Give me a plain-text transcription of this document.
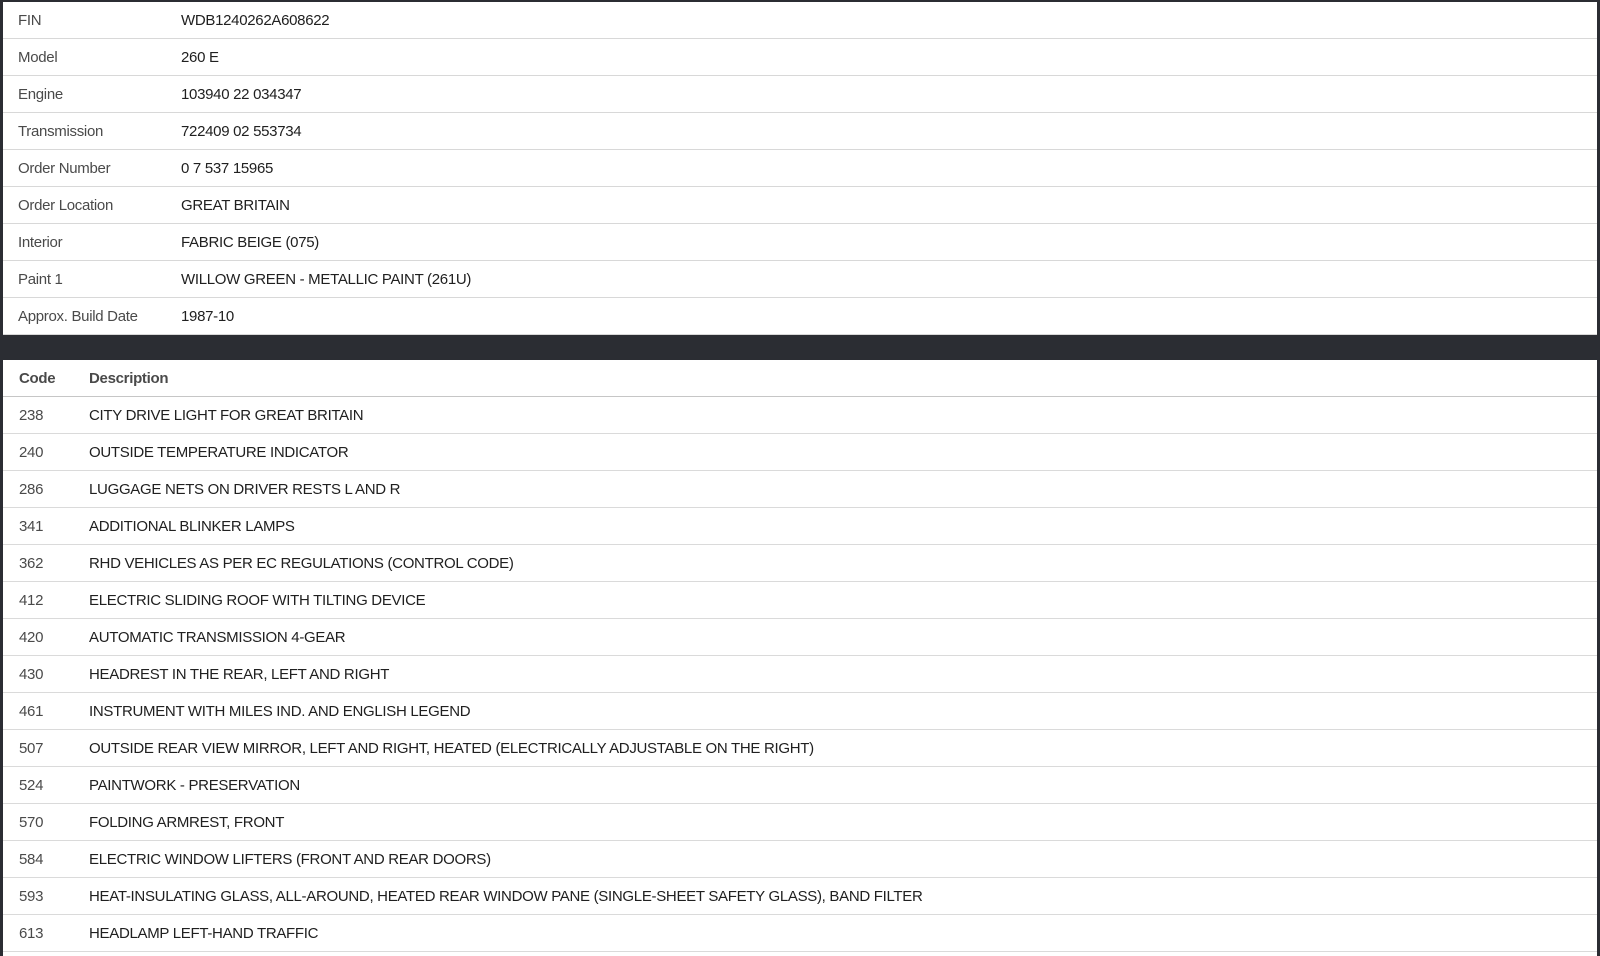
FIN	WDB1240262A608622
Model	260 E
Engine	103940 22 034347
Transmission	722409 02 553734
Order Number	0 7 537 15965
Order Location	GREAT BRITAIN
Interior	FABRIC BEIGE (075)
Paint 1	WILLOW GREEN - METALLIC PAINT (261U)
Approx. Build Date	1987-10
Code	Description
238	CITY DRIVE LIGHT FOR GREAT BRITAIN
240	OUTSIDE TEMPERATURE INDICATOR
286	LUGGAGE NETS ON DRIVER RESTS L AND R
341	ADDITIONAL BLINKER LAMPS
362	RHD VEHICLES AS PER EC REGULATIONS (CONTROL CODE)
412	ELECTRIC SLIDING ROOF WITH TILTING DEVICE
420	AUTOMATIC TRANSMISSION 4-GEAR
430	HEADREST IN THE REAR, LEFT AND RIGHT
461	INSTRUMENT WITH MILES IND. AND ENGLISH LEGEND
507	OUTSIDE REAR VIEW MIRROR, LEFT AND RIGHT, HEATED (ELECTRICALLY ADJUSTABLE ON THE RIGHT)
524	PAINTWORK - PRESERVATION
570	FOLDING ARMREST, FRONT
584	ELECTRIC WINDOW LIFTERS (FRONT AND REAR DOORS)
593	HEAT-INSULATING GLASS, ALL-AROUND, HEATED REAR WINDOW PANE (SINGLE-SHEET SAFETY GLASS), BAND FILTER
613	HEADLAMP LEFT-HAND TRAFFIC
